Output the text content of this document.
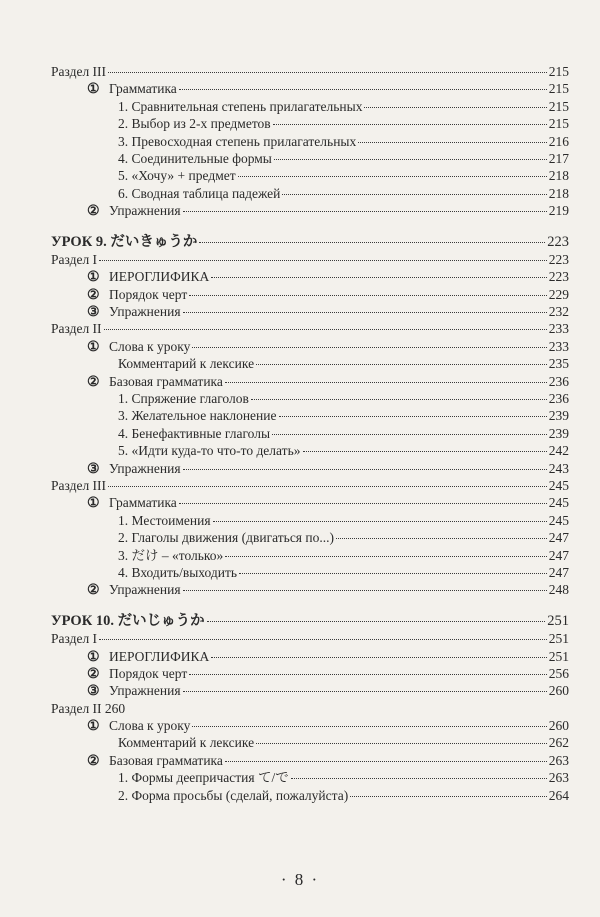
Раздел III	215
① Грамматика	215
1. Сравнительная степень прилагательных	215
2. Выбор из 2-х предметов	215
3. Превосходная степень прилагательных	216
4. Соединительные формы	217
5. «Хочу» + предмет	218
6. Сводная таблица падежей	218
② Упражнения	219
УРОК 9. だいきゅうか	223
Раздел I	223
① ИЕРОГЛИФИКА	223
② Порядок черт	229
③ Упражнения	232
Раздел II	233
① Слова к уроку	233
Комментарий к лексике	235
② Базовая грамматика	236
1. Спряжение глаголов	236
3. Желательное наклонение	239
4. Бенефактивные глаголы	239
5. «Идти куда-то что-то делать»	242
③ Упражнения	243
Раздел III	245
① Грамматика	245
1. Местоимения	245
2. Глаголы движения (двигаться по...)	247
3. だけ – «только»	247
4. Входить/выходить	247
② Упражнения	248
УРОК 10. だいじゅうか	251
Раздел I	251
① ИЕРОГЛИФИКА	251
② Порядок черт	256
③ Упражнения	260
Раздел II 260
① Слова к уроку	260
Комментарий к лексике	262
② Базовая грамматика	263
1. Формы деепричастия て/で	263
2. Форма просьбы (сделай, пожалуйста)	264
· 8 ·
